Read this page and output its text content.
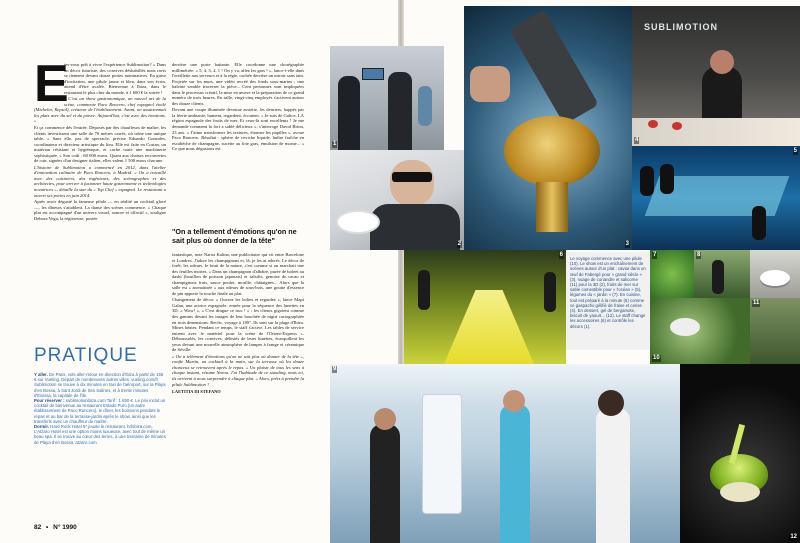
E

tes-vous prêt à vivre l'expérience Sublimotion? » Dans un décor futuriste, des convives déshabillés mais ravis se tiennent devant douze portes nominatives. En guise d'invitation, une pilule jaune et bleu, dans son écrin, attend d'être avalée. Bienvenue à Ibiza, dans le restaurant le plus cher du monde, à 1 600 € la soirée !

« C'est un show gastronomique, un nouvel art de la scène, commente Paco Roncero, chef espagnol étoilé (Michelin, Repsol), créateur de l'établissement. Avant, on assaisonnait les plats avec du sel et du poivre. Aujourd'hui, c'est avec des émotions. »

Et ça commence dès l'entrée. Déposés par des chauffeurs de maître, les clients investissent une salle de 70 mètres carrés, où trône une unique table. « Sans elle, pas de spectacle, précise Eduardo Gonzales, coordinateur et directeur artistique du lieu. Elle est faite en Corian, un matériau résistant et hygiénique, et cache toute une machinerie sophistiquée. » Son coût : 60 000 euros. Quant aux chaises recouvertes de cuir, signées d'un designer italien, elles valent 1 500 euros chacune.

L'histoire de Sublimotion a commencé en 2012, dans l'atelier d'innovation culinaire de Paco Roncero, à Madrid. « On a travaillé avec des cuisiniers, des ingénieurs, des scénographes et des architectes, pour arriver à fusionner haute gastronomie et technologies novatrices », détaille la star du « Top Chef » espagnol. Le restaurant a ouvert ses portes en juin 2014.

Après avoir dégusté la fameuse pilule — en réalité un cocktail glacé —, les dîneurs s'attablent. La danse des scènes commence. « Chaque plat est accompagné d'un univers visuel, sonore et olfactif », souligne Debora Vega, la régisseuse, postée

derrière une porte battante. Elle coordonne une chorégraphie millimétrée. « 5, 4, 3, 2, 1 ! On y va, allez les gars ! », lance-t-elle dans l'oreillette aux serveurs et à la régie, cachée derrière un miroir sans tain. Projetée sur les murs, une vidéo recréé des fonds sous-marins ; une baleine semble traverser la pièce... Cent personnes sont impliquées dans le processus créatif, la mise en œuvre et la préparation de ce grand numéro de trois heures. En salle, vingt-cinq employés s'activent autour des douze clients.

Devant une coupe illuminée devenue assiette, les derniers, happés par la féerie ambiante, hument, regardent, écoutent. « Je suis de Galice, LA région espagnole des fruits de mer. Et ceux-là sont excellents ! Je me demande comment la fort a sablé délicieux », s'interroge David Brion, 23 ans. « J'aime transformer les textures, étonner les papilles », avoue Paco Roncero. Résultat : sphère de ceviche liquide, huître fraîche en escabèche de champagne, sucette au foie gras, émulsion de morue... « Ce que nous dégustons est

fantastique, note Naroa Kalina, une publicitaire qui vit entre Barcelone et Londres. J'adore les champignons et, là, je les ai adorés. Le décor de forêt, les odeurs, le bruit de la nature, c'est comme si on marchait une des feuilles mortes. » Dans un champignon d'albâtre, purée de boleet au dashi (bouillon de poisson japonais) et salsifis, genoise de cacao et champignons frais, sauce poulet, morille, châtaignes... Alors que la salle est « aromatisée » aux odeurs de sous-bois, une goutte d'essence de pin apporte la touche finale au plat.

Changement de décor. « Ouvrez les boîtes et regardez », lance Mapi Galan, une actrice espagnole, entrée pour la séquence des lunettes en 3D. « Wow! », « C'est dingue ce truc ! » : les clients gigotent comme des gamins devant les images de leur bouchée de nigiri cartographiée en trois dimensions. Reclic, voyage à 180°. Ils sont sur la plage d'Ibiza. Mines béates. Pendant ce temps, le staff s'active. Les tables de service entrent avec le matériel pour la scène de l'Orient-Express ». Déboussolés, les convives, délestés de leurs lunettes, écarquillent les yeux devant une nouvelle atmosphère de lampes à frange et céramique de Séville.

« On a tellement d'émotions qu'on ne sait plus où donner de la tête », confie Martin, un cocktail à la main, sur la terrasse où les douze chanceux se retrouvent après le repas. « Un plaisir de tous les sens à chaque instant, résume Naroa. J'ai l'habitude de ce standing, mais ici, ils arrivent à nous surprendre à chaque plat. » Alors, prêts à prendre la pilule Sublimotion ?

LAETITIA DI STEFANO

"On a tellement d'émotions qu'on ne sait plus où donner de la tête"
PRATIQUE

Y aller. De Paris, vols aller-retour en direction d'Ibiza à partir de 155 € sur Vueling. Départ de nombreuses autres villes. vueling.com/fr

Sublimotion se trouve à dix minutes en taxi de l'aéroport, sur la Playa d'en Bossa, à Sant Jordi de Ses Salines, et à trente minutes d'Eivissa, la capitale de l'île.

Pour réserver : sublimotionibiza.com Tarif : 1 650 €. Le prix inclut un cocktail de bienvenue au restaurant Estado Puro (un autre établissement de Paco Roncero), le dîner, les boissons pendant le repas et au bar de la terrasse-jardin après le show, ainsi que les transferts avec un chauffeur de maître.

Dormir. Hard Rock Hotel 5* jouxte le restaurant. hrhibiza.com. L'Atzaro Hotel est une option moins luxueuse, avec tout de même un beau spa. Il se trouve au cœur des terres, à une trentaine de minutes de Playa d'en Bossa. atzaro.com

82 • N° 1990
1
2	3
SUBLIMOTION
4
5
6	7	8
10
11
Le voyage commence avec une pilule (10). Le show est un enchaînement de scènes autour d'un plat : caviar dans un œuf de Fabergé pour « grand siècle » (3), nuage de coriandre et salicorne (11) pour la 3D (2), fruits de mer sur sable comestible pour « l'océan » (5), légumes du « jardin » (7). En cuisine, tout est préparé à la minute (6) comme ce gaspacho gélifié de fraise et cerise (4). En dessert, gel de bergamote, biscuit de yaourt... (12). Le staff change les accessoires (6) et contrôle les décors (1).
9
12
